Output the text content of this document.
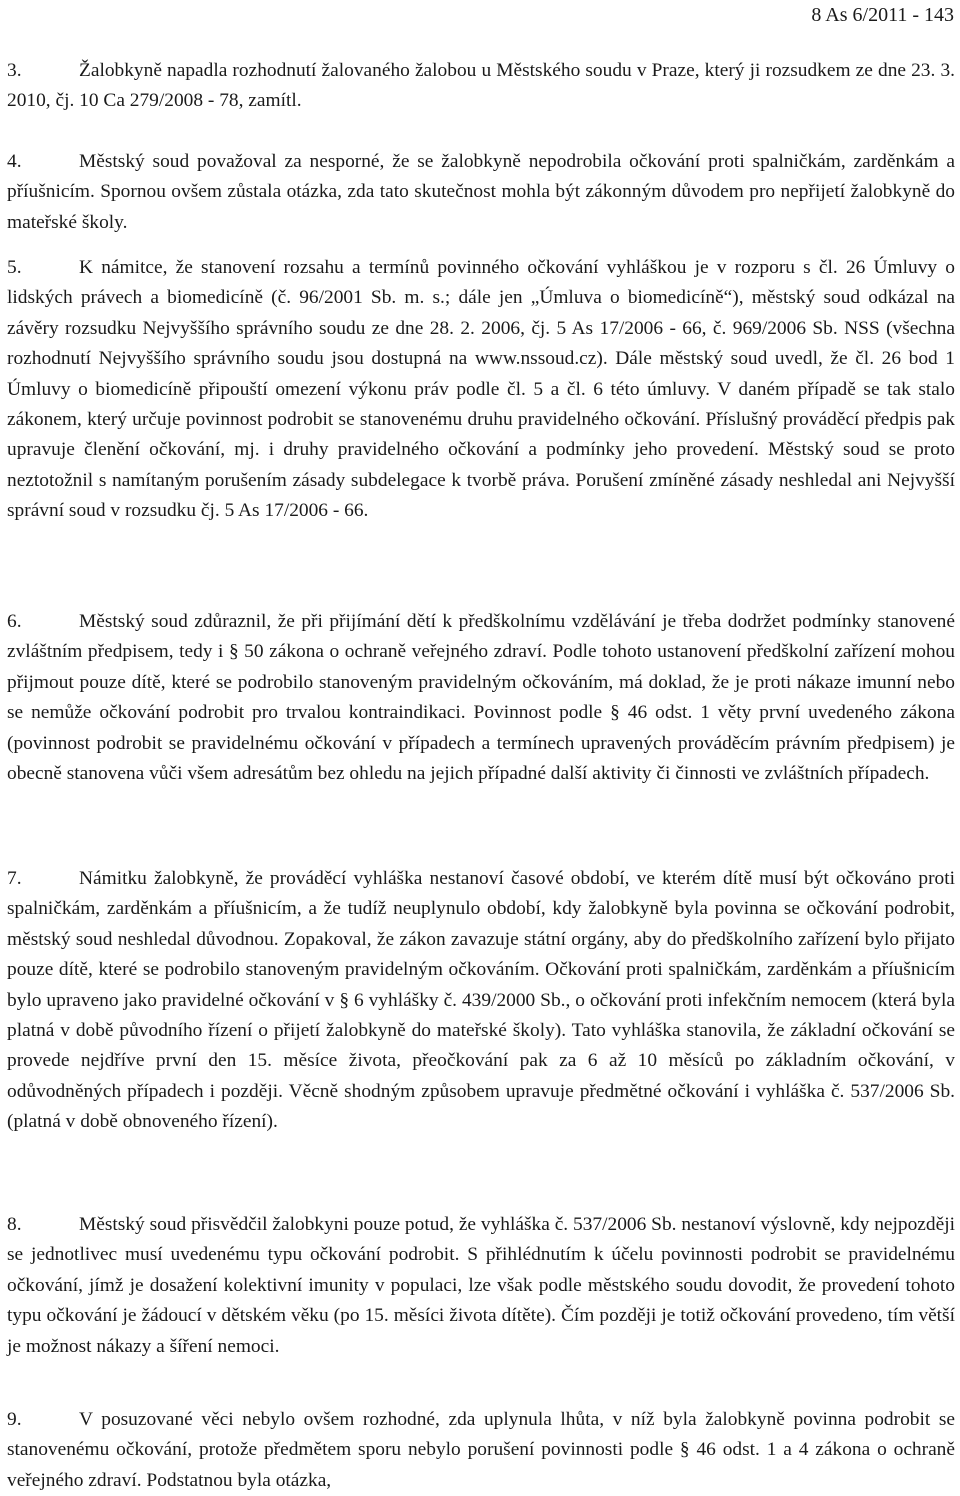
8 As 6/2011 - 143
3.	Žalobkyně napadla rozhodnutí žalovaného žalobou u Městského soudu v Praze, který ji rozsudkem ze dne 23. 3. 2010, čj. 10 Ca 279/2008 - 78, zamítl.
4.	Městský soud považoval za nesporné, že se žalobkyně nepodrobila očkování proti spalničkám, zarděnkám a příušnicím. Spornou ovšem zůstala otázka, zda tato skutečnost mohla být zákonným důvodem pro nepřijetí žalobkyně do mateřské školy.
5.	K námitce, že stanovení rozsahu a termínů povinného očkování vyhláškou je v rozporu s čl. 26 Úmluvy o lidských právech a biomedicíně (č. 96/2001 Sb. m. s.; dále jen „Úmluva o biomedicíně“), městský soud odkázal na závěry rozsudku Nejvyššího správního soudu ze dne 28. 2. 2006, čj. 5 As 17/2006 - 66, č. 969/2006 Sb. NSS (všechna rozhodnutí Nejvyššího správního soudu jsou dostupná na www.nssoud.cz). Dále městský soud uvedl, že čl. 26 bod 1 Úmluvy o biomedicíně připouští omezení výkonu práv podle čl. 5 a čl. 6 této úmluvy. V daném případě se tak stalo zákonem, který určuje povinnost podrobit se stanovenému druhu pravidelného očkování. Příslušný prováděcí předpis pak upravuje členění očkování, mj. i druhy pravidelného očkování a podmínky jeho provedení. Městský soud se proto neztotožnil s namítaným porušením zásady subdelegace k tvorbě práva. Porušení zmíněné zásady neshledal ani Nejvyšší správní soud v rozsudku čj. 5 As 17/2006 - 66.
6.	Městský soud zdůraznil, že při přijímání dětí k předškolnímu vzdělávání je třeba dodržet podmínky stanovené zvláštním předpisem, tedy i § 50 zákona o ochraně veřejného zdraví. Podle tohoto ustanovení předškolní zařízení mohou přijmout pouze dítě, které se podrobilo stanoveným pravidelným očkováním, má doklad, že je proti nákaze imunní nebo se nemůže očkování podrobit pro trvalou kontraindikaci. Povinnost podle § 46 odst. 1 věty první uvedeného zákona (povinnost podrobit se pravidelnému očkování v případech a termínech upravených prováděcím právním předpisem) je obecně stanovena vůči všem adresátům bez ohledu na jejich případné další aktivity či činnosti ve zvláštních případech.
7.	Námitku žalobkyně, že prováděcí vyhláška nestanoví časové období, ve kterém dítě musí být očkováno proti spalničkám, zarděnkám a příušnicím, a že tudíž neuplynulo období, kdy žalobkyně byla povinna se očkování podrobit, městský soud neshledal důvodnou. Zopakoval, že zákon zavazuje státní orgány, aby do předškolního zařízení bylo přijato pouze dítě, které se podrobilo stanoveným pravidelným očkováním. Očkování proti spalničkám, zarděnkám a příušnicím bylo upraveno jako pravidelné očkování v § 6 vyhlášky č. 439/2000 Sb., o očkování proti infekčním nemocem (která byla platná v době původního řízení o přijetí žalobkyně do mateřské školy). Tato vyhláška stanovila, že základní očkování se provede nejdříve první den 15. měsíce života, přeočkování pak za 6 až 10 měsíců po základním očkování, v odůvodněných případech i později. Věcně shodným způsobem upravuje předmětné očkování i vyhláška č. 537/2006 Sb. (platná v době obnoveného řízení).
8.	Městský soud přisvědčil žalobkyni pouze potud, že vyhláška č. 537/2006 Sb. nestanoví výslovně, kdy nejpozději se jednotlivec musí uvedenému typu očkování podrobit. S přihlédnutím k účelu povinnosti podrobit se pravidelnému očkování, jímž je dosažení kolektivní imunity v populaci, lze však podle městského soudu dovodit, že provedení tohoto typu očkování je žádoucí v dětském věku (po 15. měsíci života dítěte). Čím později je totiž očkování provedeno, tím větší je možnost nákazy a šíření nemoci.
9.	V posuzované věci nebylo ovšem rozhodné, zda uplynula lhůta, v níž byla žalobkyně povinna podrobit se stanovenému očkování, protože předmětem sporu nebylo porušení povinnosti podle § 46 odst. 1 a 4 zákona o ochraně veřejného zdraví. Podstatnou byla otázka,
